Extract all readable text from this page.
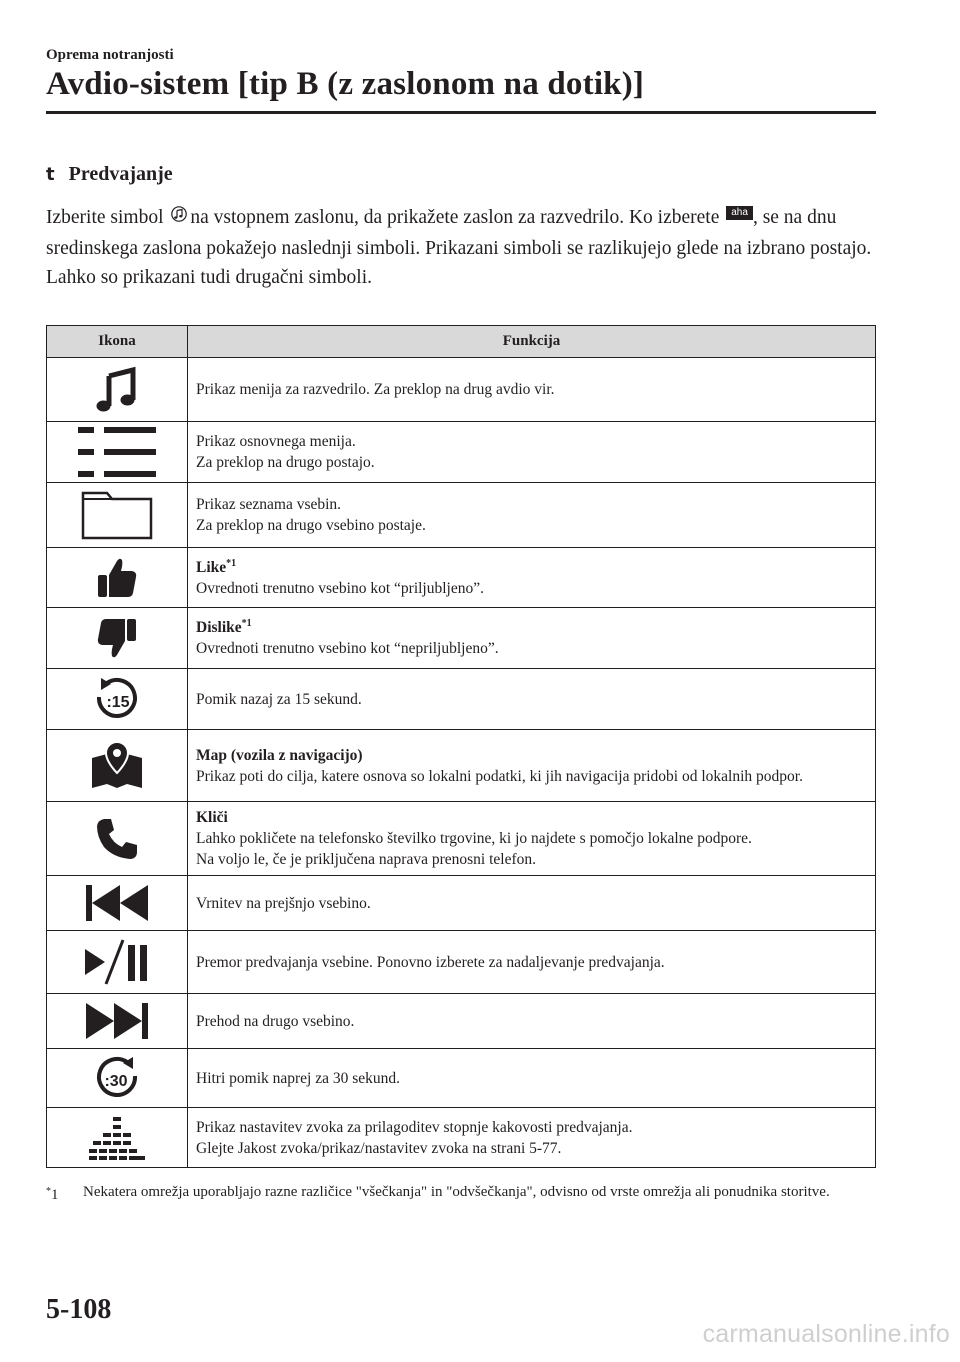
Oprema notranjosti
Avdio-sistem [tip B (z zaslonom na dotik)]
t Predvajanje

Izberite simbol na vstopnem zaslonu, da prikažete zaslon za razvedrilo. Ko izberete aha , se na dnu sredinskega zaslona pokažejo naslednji simboli. Prikazani simboli se razlikujejo glede na izbrano postajo.

Lahko so prikazani tudi drugačni simboli.

Ikona	Funkcija

Prikaz menija za razvedrilo. Za preklop na drug avdio vir.

Prikaz osnovnega menija.
Za preklop na drugo postajo.

Prikaz seznama vsebin.
Za preklop na drugo vsebino postaje.

Like$^{*1}$
Ovrednoti trenutno vsebino kot “priljubljeno”.

Dislike$^{*1}$
Ovrednoti trenutno vsebino kot “nepriljubljeno”.

:15	Pomik nazaj za 15 sekund.

Map (vozila z navigacijo)
Prikaz poti do cilja, katere osnova so lokalni podatki, ki jih navigacija pridobi od lokalnih podpor.

Kliči
Lahko pokličete na telefonsko številko trgovine, ki jo najdete s pomočjo lokalne podpore.
Na voljo le, če je priključena naprava prenosni telefon.

Vrnitev na prejšnjo vsebino.

Premor predvajanja vsebine. Ponovno izberete za nadaljevanje predvajanja.

Prehod na drugo vsebino.

:30	Hitri pomik naprej za 30 sekund.

Prikaz nastavitev zvoka za prilagoditev stopnje kakovosti predvajanja.
Glejte Jakost zvoka/prikaz/nastavitev zvoka na strani 5-77.
*1 Nekatera omrežja uporabljajo razne različice "všečkanja" in "odvšečkanja", odvisno od vrste omrežja ali ponudnika storitve.
5-108
carmanualsonline.info
